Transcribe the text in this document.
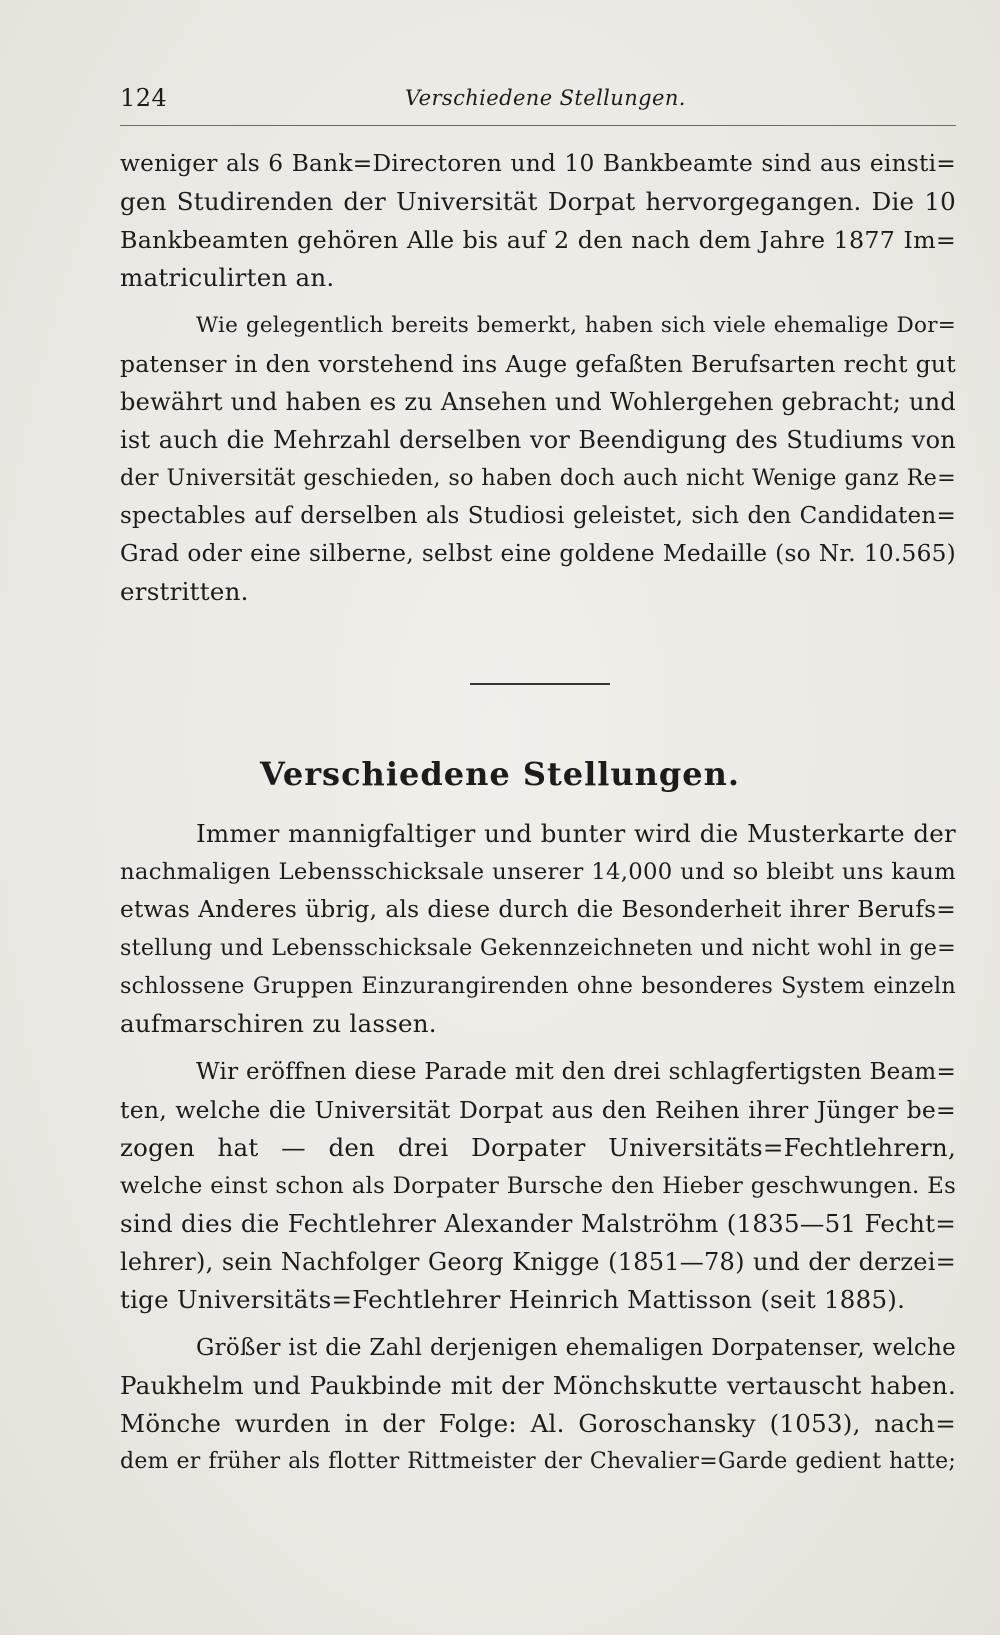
124	Verschiedene Stellungen.
weniger als 6 Bank=Directoren und 10 Bankbeamte sind aus einsti=
gen Studirenden der Universität Dorpat hervorgegangen. Die 10
Bankbeamten gehören Alle bis auf 2 den nach dem Jahre 1877 Im=
matriculirten an.
Wie gelegentlich bereits bemerkt, haben sich viele ehemalige Dor=
patenser in den vorstehend ins Auge gefaßten Berufsarten recht gut
bewährt und haben es zu Ansehen und Wohlergehen gebracht; und
ist auch die Mehrzahl derselben vor Beendigung des Studiums von
der Universität geschieden, so haben doch auch nicht Wenige ganz Re=
spectables auf derselben als Studiosi geleistet, sich den Candidaten=
Grad oder eine silberne, selbst eine goldene Medaille (so Nr. 10.565)
erstritten.
Verschiedene Stellungen.
Immer mannigfaltiger und bunter wird die Musterkarte der
nachmaligen Lebensschicksale unserer 14,000 und so bleibt uns kaum
etwas Anderes übrig, als diese durch die Besonderheit ihrer Berufs=
stellung und Lebensschicksale Gekennzeichneten und nicht wohl in ge=
schlossene Gruppen Einzurangirenden ohne besonderes System einzeln
aufmarschiren zu lassen.
Wir eröffnen diese Parade mit den drei schlagfertigsten Beam=
ten, welche die Universität Dorpat aus den Reihen ihrer Jünger be=
zogen hat — den drei Dorpater Universitäts=Fechtlehrern,
welche einst schon als Dorpater Bursche den Hieber geschwungen. Es
sind dies die Fechtlehrer Alexander Malströhm (1835—51 Fecht=
lehrer), sein Nachfolger Georg Knigge (1851—78) und der derzei=
tige Universitäts=Fechtlehrer Heinrich Mattisson (seit 1885).
Größer ist die Zahl derjenigen ehemaligen Dorpatenser, welche
Paukhelm und Paukbinde mit der Mönchskutte vertauscht haben.
Mönche wurden in der Folge: Al. Goroschansky (1053), nach=
dem er früher als flotter Rittmeister der Chevalier=Garde gedient hatte;
